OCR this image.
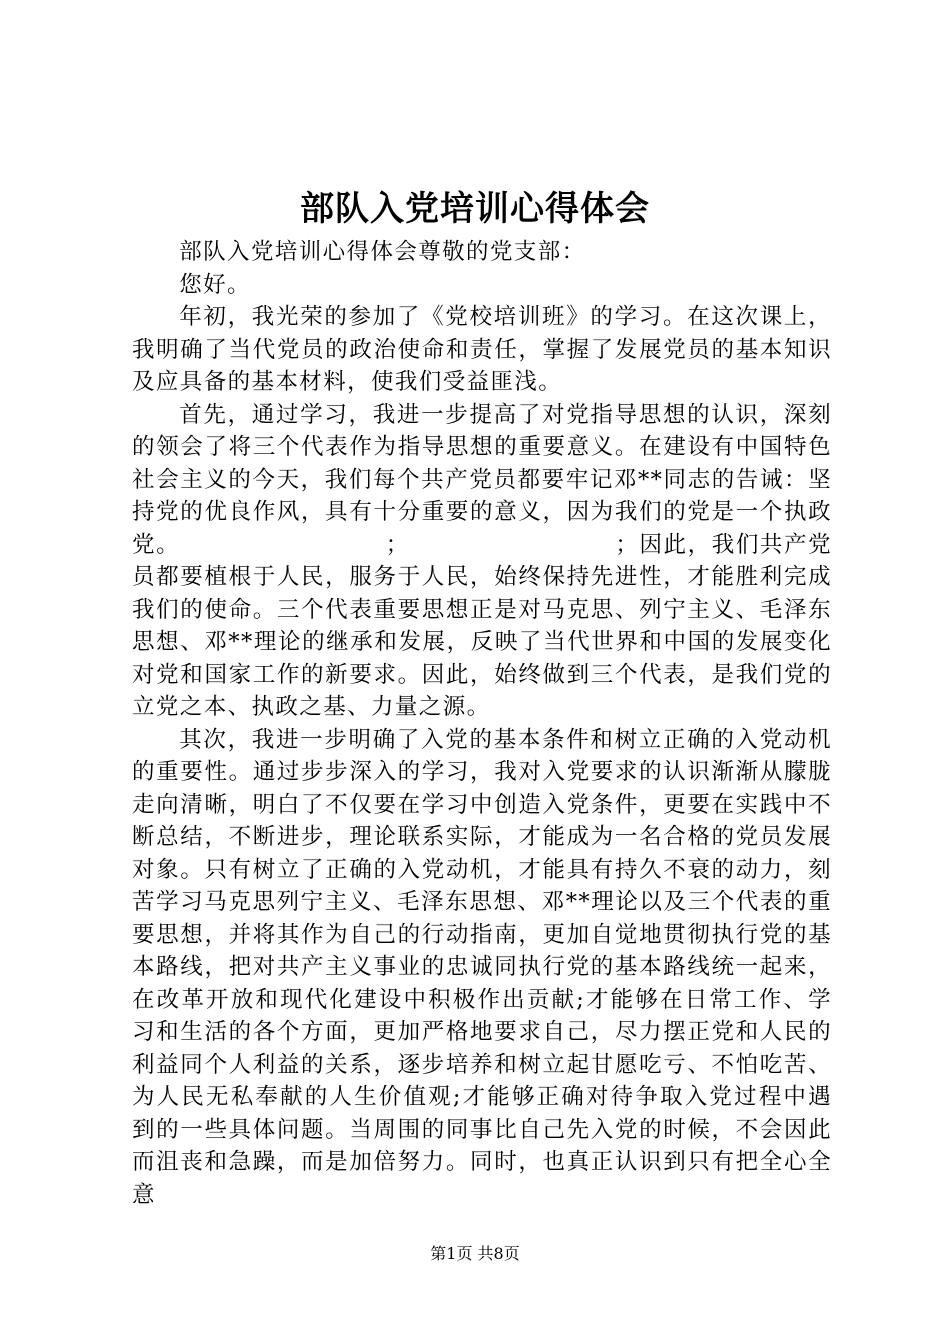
部队入党培训心得体会

部队入党培训心得体会尊敬的党支部：

您好。

年初，我光荣的参加了《党校培训班》的学习。在这次课上，我明确了当代党员的政治使命和责任，掌握了发展党员的基本知识及应具备的基本材料，使我们受益匪浅。

首先，通过学习，我进一步提高了对党指导思想的认识，深刻的领会了将三个代表作为指导思想的重要意义。在建设有中国特色社会主义的今天，我们每个共产党员都要牢记邓**同志的告诫：坚持党的优良作风，具有十分重要的意义，因为我们的党是一个执政党。　　　　　　　　　；　　　　　　　　　；因此，我们共产党员都要植根于人民，服务于人民，始终保持先进性，才能胜利完成我们的使命。三个代表重要思想正是对马克思、列宁主义、毛泽东思想、邓**理论的继承和发展，反映了当代世界和中国的发展变化对党和国家工作的新要求。因此，始终做到三个代表，是我们党的立党之本、执政之基、力量之源。

其次，我进一步明确了入党的基本条件和树立正确的入党动机的重要性。通过步步深入的学习，我对入党要求的认识渐渐从朦胧走向清晰，明白了不仅要在学习中创造入党条件，更要在实践中不断总结，不断进步，理论联系实际，才能成为一名合格的党员发展对象。只有树立了正确的入党动机，才能具有持久不衰的动力，刻苦学习马克思列宁主义、毛泽东思想、邓**理论以及三个代表的重要思想，并将其作为自己的行动指南，更加自觉地贯彻执行党的基本路线，把对共产主义事业的忠诚同执行党的基本路线统一起来，在改革开放和现代化建设中积极作出贡献;才能够在日常工作、学习和生活的各个方面，更加严格地要求自己，尽力摆正党和人民的利益同个人利益的关系，逐步培养和树立起甘愿吃亏、不怕吃苦、为人民无私奉献的人生价值观;才能够正确对待争取入党过程中遇到的一些具体问题。当周围的同事比自己先入党的时候，不会因此而沮丧和急躁，而是加倍努力。同时，也真正认识到只有把全心全意

第1页 共8页
